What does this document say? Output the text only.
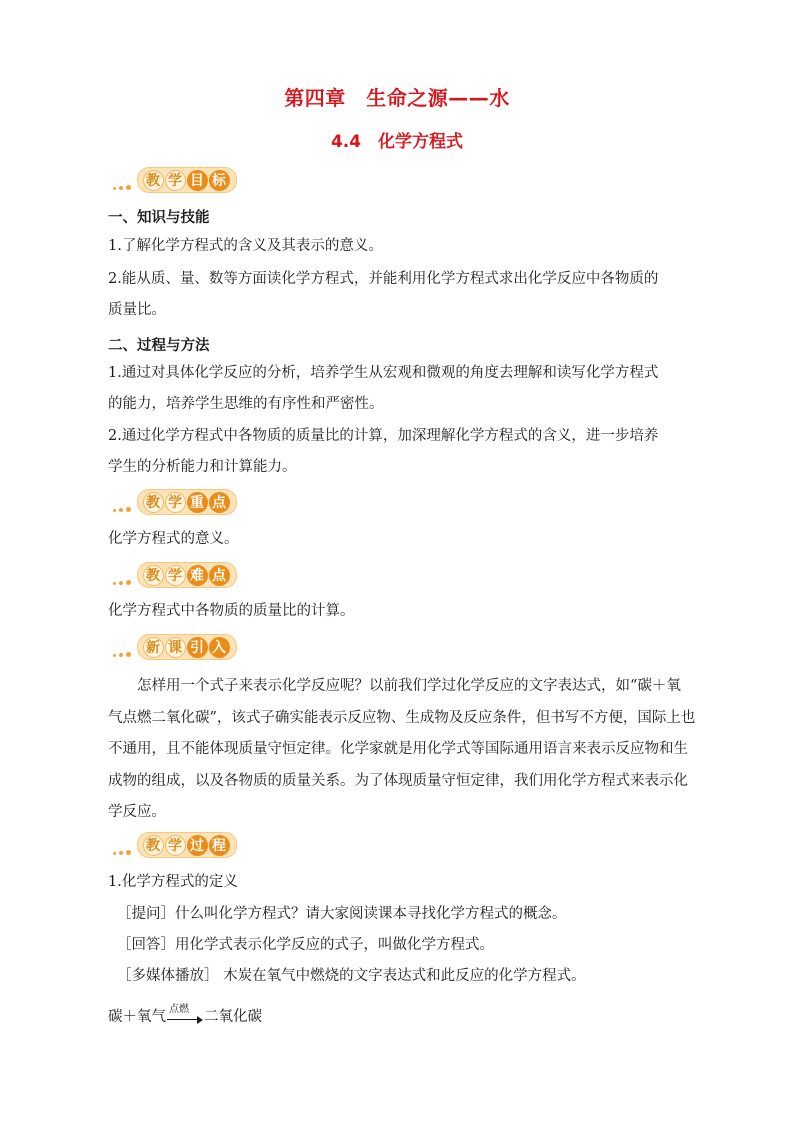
第四章　生命之源——水
4.4　化学方程式
教 学 目 标
一、知识与技能
1.了解化学方程式的含义及其表示的意义。
2.能从质、量、数等方面读化学方程式，并能利用化学方程式求出化学反应中各物质的
质量比。
二、过程与方法
1.通过对具体化学反应的分析，培养学生从宏观和微观的角度去理解和读写化学方程式
的能力，培养学生思维的有序性和严密性。
2.通过化学方程式中各物质的质量比的计算，加深理解化学方程式的含义，进一步培养
学生的分析能力和计算能力。
教 学 重 点
化学方程式的意义。
教 学 难 点
化学方程式中各物质的质量比的计算。
新 课 引 入
　　怎样用一个式子来表示化学反应呢？以前我们学过化学反应的文字表达式，如“碳＋氧
气点燃二氧化碳”，该式子确实能表示反应物、生成物及反应条件，但书写不方便，国际上也
不通用，且不能体现质量守恒定律。化学家就是用化学式等国际通用语言来表示反应物和生
成物的组成，以及各物质的质量关系。为了体现质量守恒定律，我们用化学方程式来表示化
学反应。
教 学 过 程
1.化学方程式的定义
［提问］什么叫化学方程式？请大家阅读课本寻找化学方程式的概念。
［回答］用化学式表示化学反应的式子，叫做化学方程式。
［多媒体播放］ 木炭在氧气中燃烧的文字表达式和此反应的化学方程式。
碳＋氧气 点燃 二氧化碳
